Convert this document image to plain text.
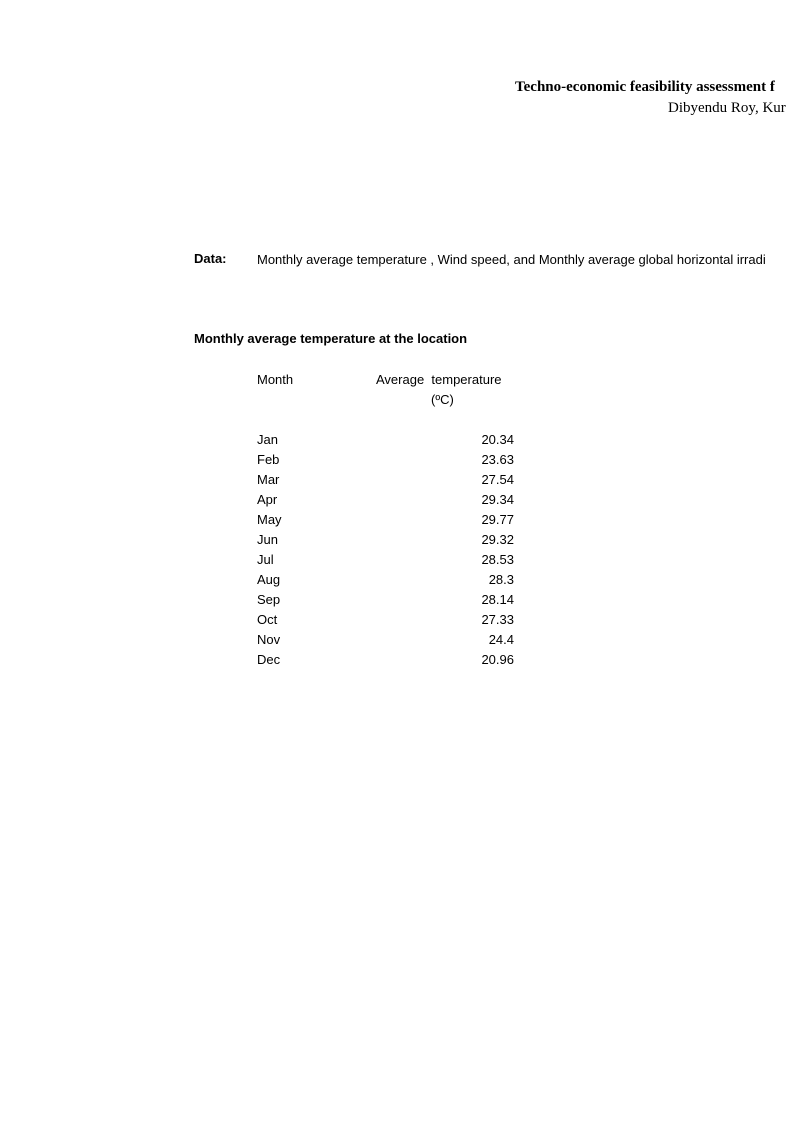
Techno-economic feasibility assessment f
Dibyendu Roy, Kur
Data: Monthly average temperature , Wind speed, and Monthly average global horizontal irradi
Monthly average temperature at the location
Month	Average  temperature
(ºC)
Jan	20.34
Feb	23.63
Mar	27.54
Apr	29.34
May	29.77
Jun	29.32
Jul	28.53
Aug	28.3
Sep	28.14
Oct	27.33
Nov	24.4
Dec	20.96
